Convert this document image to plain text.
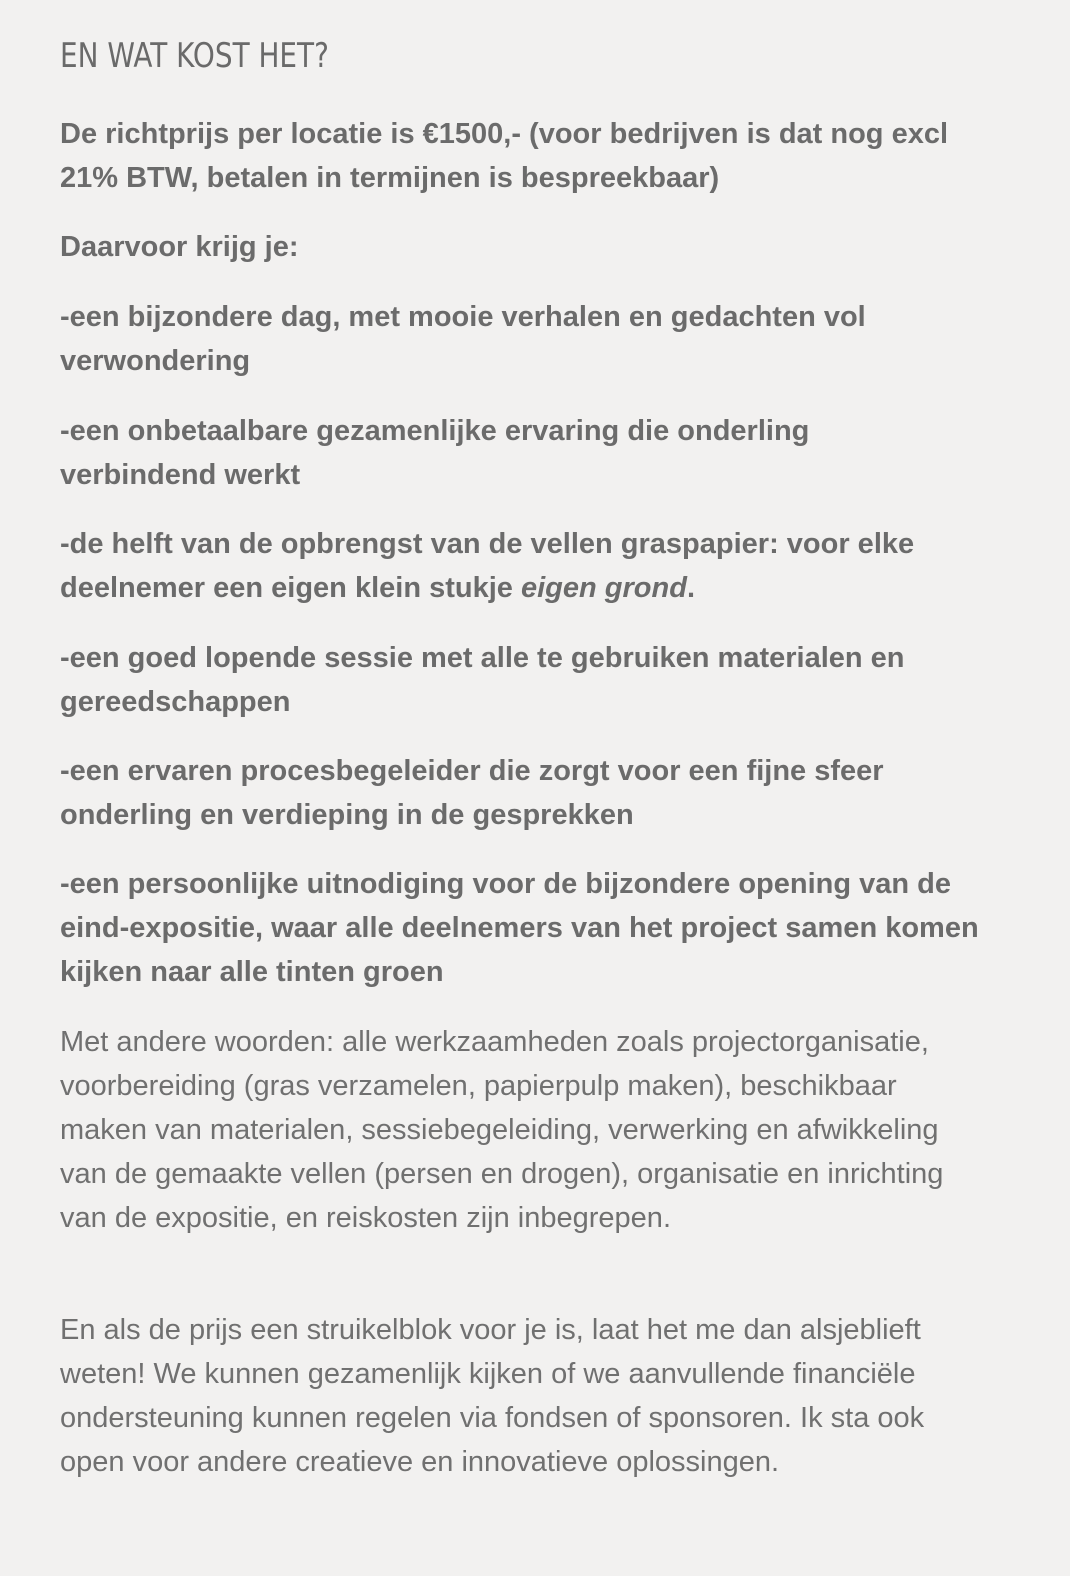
EN WAT KOST HET?

De richtprijs per locatie is €1500,- (voor bedrijven is dat nog excl 21% BTW, betalen in termijnen is bespreekbaar)

Daarvoor krijg je:

-een bijzondere dag, met mooie verhalen en gedachten vol verwondering

-een onbetaalbare gezamenlijke ervaring die onderling verbindend werkt

-de helft van de opbrengst van de vellen graspapier: voor elke deelnemer een eigen klein stukje eigen grond.

-een goed lopende sessie met alle te gebruiken materialen en gereedschappen

-een ervaren procesbegeleider die zorgt voor een fijne sfeer onderling en verdieping in de gesprekken

-een persoonlijke uitnodiging voor de bijzondere opening van de eind-expositie, waar alle deelnemers van het project samen komen kijken naar alle tinten groen

Met andere woorden: alle werkzaamheden zoals projectorganisatie, voorbereiding (gras verzamelen, papierpulp maken), beschikbaar maken van materialen, sessiebegeleiding, verwerking en afwikkeling van de gemaakte vellen (persen en drogen), organisatie en inrichting van de expositie, en reiskosten zijn inbegrepen.

En als de prijs een struikelblok voor je is, laat het me dan alsjeblieft weten! We kunnen gezamenlijk kijken of we aanvullende financiële ondersteuning kunnen regelen via fondsen of sponsoren. Ik sta ook open voor andere creatieve en innovatieve oplossingen.
